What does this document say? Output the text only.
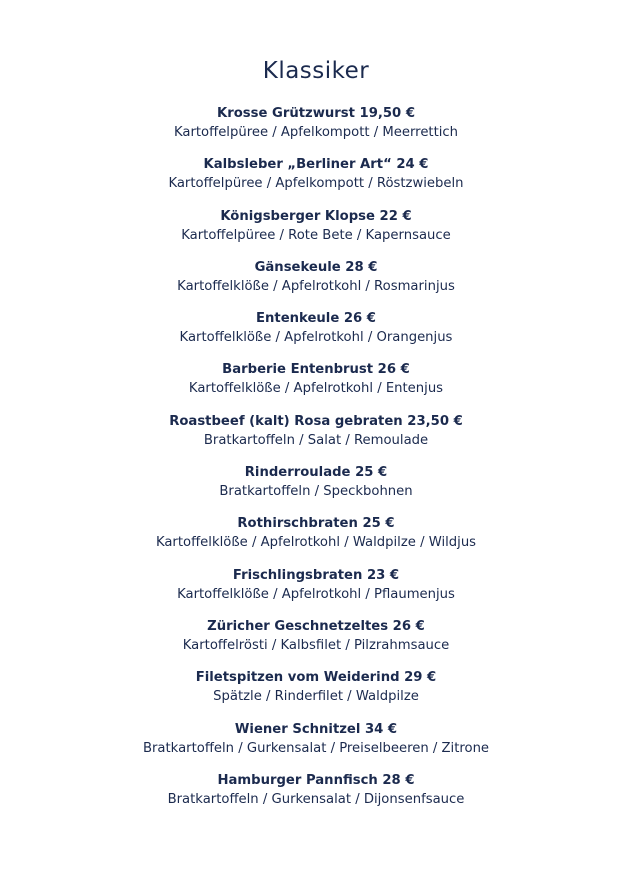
Klassiker
Krosse Grützwurst 19,50 €
Kartoffelpüree / Apfelkompott / Meerrettich
Kalbsleber „Berliner Art“ 24 €
Kartoffelpüree / Apfelkompott / Röstzwiebeln
Königsberger Klopse 22 €
Kartoffelpüree / Rote Bete / Kapernsauce
Gänsekeule 28 €
Kartoffelklöße / Apfelrotkohl / Rosmarinjus
Entenkeule 26 €
Kartoffelklöße / Apfelrotkohl / Orangenjus
Barberie Entenbrust 26 €
Kartoffelklöße / Apfelrotkohl / Entenjus
Roastbeef (kalt) Rosa gebraten 23,50 €
Bratkartoffeln / Salat / Remoulade
Rinderroulade 25 €
Bratkartoffeln / Speckbohnen
Rothirschbraten 25 €
Kartoffelklöße / Apfelrotkohl / Waldpilze / Wildjus
Frischlingsbraten 23 €
Kartoffelklöße / Apfelrotkohl / Pflaumenjus
Züricher Geschnetzeltes 26 €
Kartoffelrösti / Kalbsfilet / Pilzrahmsauce
Filetspitzen vom Weiderind 29 €
Spätzle / Rinderfilet / Waldpilze
Wiener Schnitzel 34 €
Bratkartoffeln / Gurkensalat / Preiselbeeren / Zitrone
Hamburger Pannfisch 28 €
Bratkartoffeln / Gurkensalat / Dijonsenfsauce
